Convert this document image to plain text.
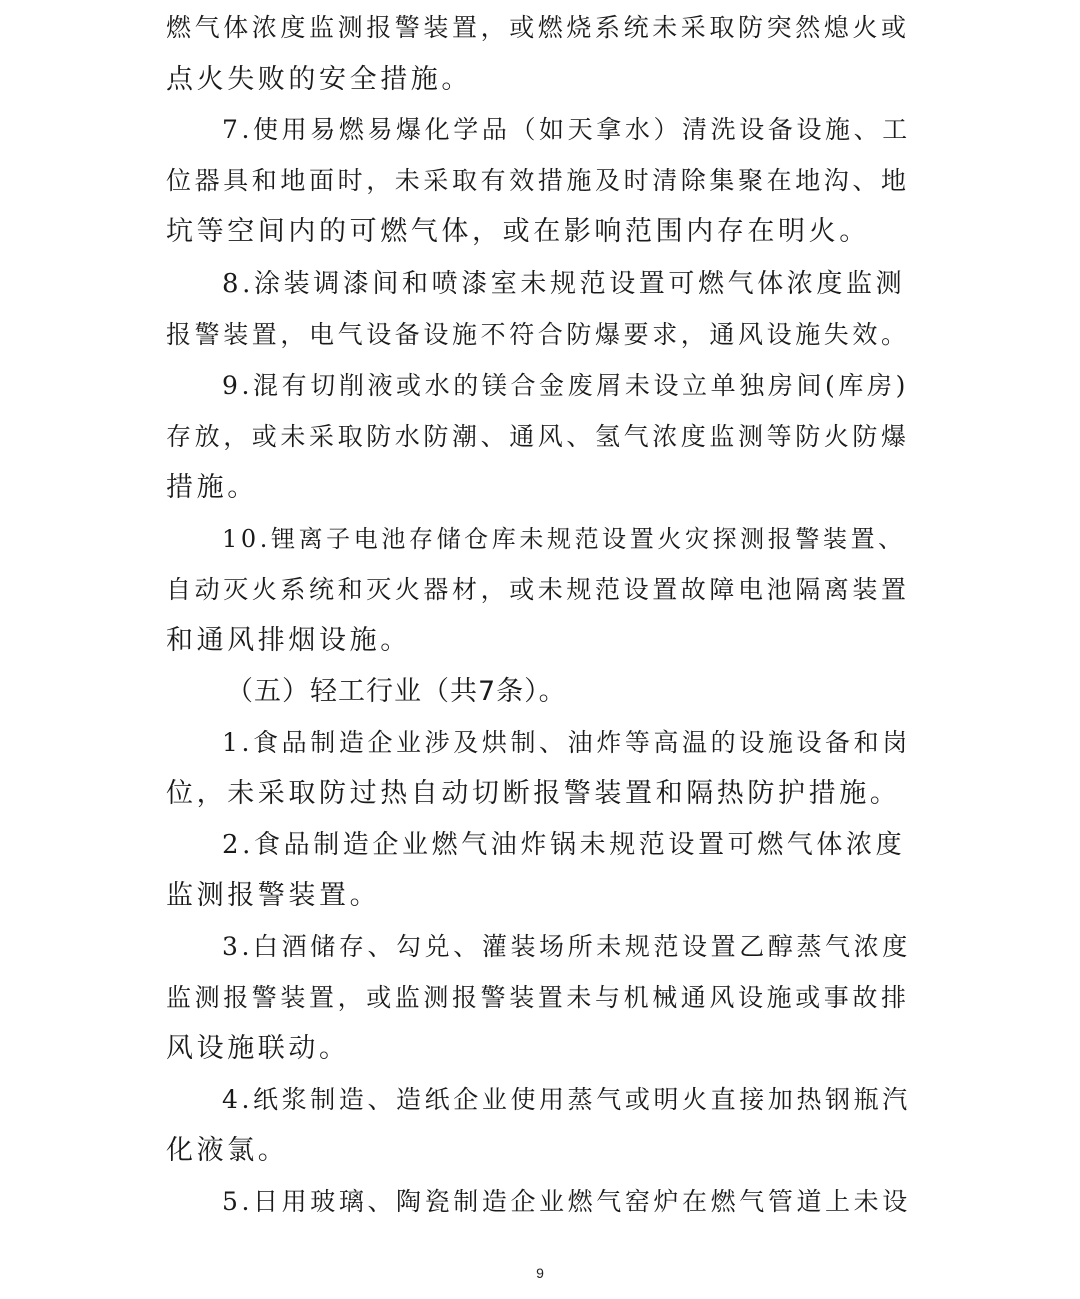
燃气体浓度监测报警装置，或燃烧系统未采取防突然熄火或
点火失败的安全措施。
7.使用易燃易爆化学品（如天拿水）清洗设备设施、工
位器具和地面时，未采取有效措施及时清除集聚在地沟、地
坑等空间内的可燃气体，或在影响范围内存在明火。
8.涂装调漆间和喷漆室未规范设置可燃气体浓度监测
报警装置，电气设备设施不符合防爆要求，通风设施失效。
9.混有切削液或水的镁合金废屑未设立单独房间(库房)
存放，或未采取防水防潮、通风、氢气浓度监测等防火防爆
措施。
10.锂离子电池存储仓库未规范设置火灾探测报警装置、
自动灭火系统和灭火器材，或未规范设置故障电池隔离装置
和通风排烟设施。
（五）轻工行业（共7条）。
1.食品制造企业涉及烘制、油炸等高温的设施设备和岗
位，未采取防过热自动切断报警装置和隔热防护措施。
2.食品制造企业燃气油炸锅未规范设置可燃气体浓度
监测报警装置。
3.白酒储存、勾兑、灌装场所未规范设置乙醇蒸气浓度
监测报警装置，或监测报警装置未与机械通风设施或事故排
风设施联动。
4.纸浆制造、造纸企业使用蒸气或明火直接加热钢瓶汽
化液氯。
5.日用玻璃、陶瓷制造企业燃气窑炉在燃气管道上未设
9
